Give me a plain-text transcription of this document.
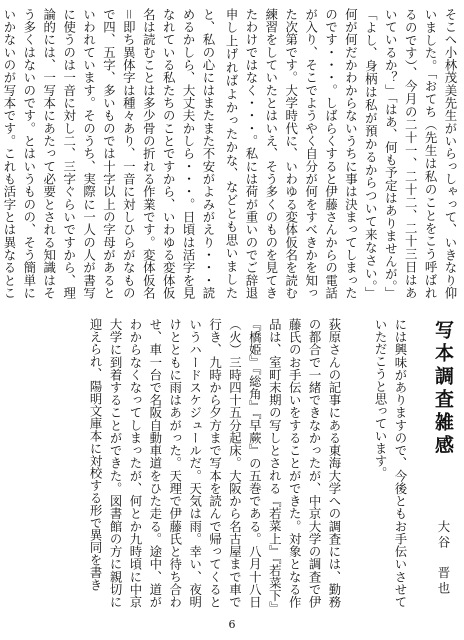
そこへ小林茂美先生がいらっしゃって、いきなり仰いました。「おてち（先生は私のことをこう呼ばれるのです）、今月の二十一、二十二、二十三日はあいているか？」「はあ、何も予定はありませんが。」「よし、身柄は私が預かるからついて来なさい。」何が何だかわからないうちに事は決まってしまったのです・・・。しばらくすると伊藤さんからの電話が入り、そこでようやく自分が何をすべきかを知った次第です。大学時代に、いわゆる変体仮名を読む練習をしていたとはいえ、そう多くのものを見てきたわけではなく・・・。私には荷が重いのでご辞退申し上げればよかったかな、などとも思いました
と、私の心にはまたまた不安がよみがえり・・・読めるかしら、大丈夫かしら・・・。日頃は活字を見なれている私たちのことですから、いわゆる変体仮名は読むことは多少骨の折れる作業です。変体仮名＝即ち異体字は種々あり、一音に対しひらがなもので四、五字、多いものでは十字以上の字母があるといわれています。そのうち、実際に一人の人が書写に使うのは一音に対し二、三字ぐらいですから、理論的には、一写本にあたって必要とされる知識はそう多くはないのです。とはいうものの、そう簡単にいかないのが写本です。これも活字とは異なるとこ
写本調査雑感
大谷　晋也
には興味がありますので、今後ともお手伝いさせていただこうと思っています。
荻原さんの記事にある東海大学への調査には、勤務の都合で一緒できなかったが、中京大学の調査で伊藤氏のお手伝いをすることができた。対象となる作品は、室町末期の写しとされる『若菜上』『若菜下』『橋姫』『総角』『早蕨』の五巻である。八月十八日（火）三時四十五分起床。大阪から名古屋まで車で行き、九時から夕方まで写本を読んで帰ってくるというハードスケジュールだ。天気は雨。幸い、夜明けとともに雨はあがった。天理で伊藤氏と待ち合わせ、車一台で名阪自動車道をひた走る。途中、道がわからなくなってしまったが、何とか九時頃に中京大学に到着することができた。図書館の方に親切に迎えられ、陽明文庫本に対校する形で異同を書き
6
